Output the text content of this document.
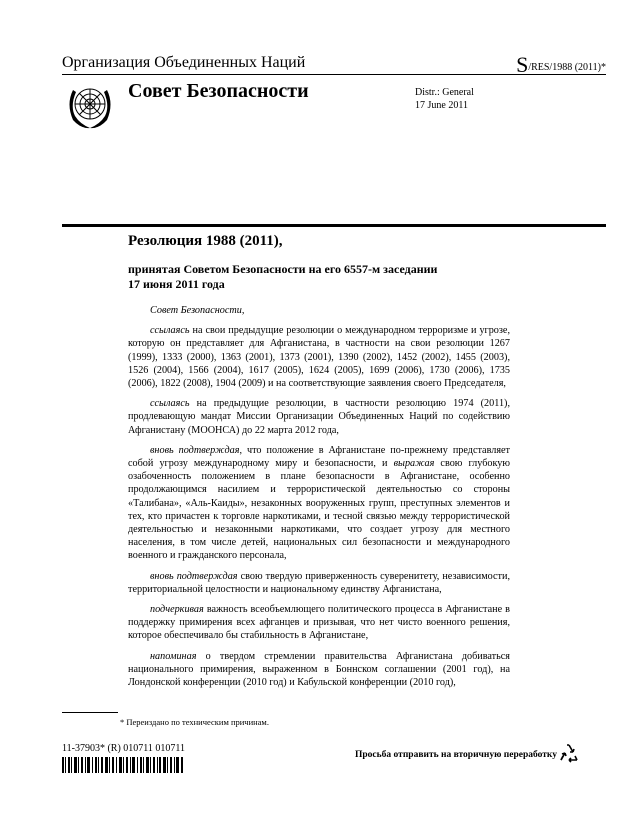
Организация Объединенных Наций	S/RES/1988 (2011)*
Совет Безопасности	Distr.: General
17 June 2011
Резолюция 1988 (2011),
принятая Советом Безопасности на его 6557-м заседании
17 июня 2011 года

Совет Безопасности,

ссылаясь на свои предыдущие резолюции о международном терроризме и угрозе, которую он представляет для Афганистана, в частности на свои резолюции 1267 (1999), 1333 (2000), 1363 (2001), 1373 (2001), 1390 (2002), 1452 (2002), 1455 (2003), 1526 (2004), 1566 (2004), 1617 (2005), 1624 (2005), 1699 (2006), 1730 (2006), 1735 (2006), 1822 (2008), 1904 (2009) и на соответствующие заявления своего Председателя,

ссылаясь на предыдущие резолюции, в частности резолюцию 1974 (2011), продлевающую мандат Миссии Организации Объединенных Наций по содействию Афганистану (МООНСА) до 22 марта 2012 года,

вновь подтверждая, что положение в Афганистане по-прежнему представляет собой угрозу международному миру и безопасности, и выражая свою глубокую озабоченность положением в плане безопасности в Афганистане, особенно продолжающимся насилием и террористической деятельностью со стороны «Талибана», «Аль-Каиды», незаконных вооруженных групп, преступных элементов и тех, кто причастен к торговле наркотиками, и тесной связью между террористической деятельностью и незаконными наркотиками, что создает угрозу для местного населения, в том числе детей, национальных сил безопасности и международного военного и гражданского персонала,

вновь подтверждая свою твердую приверженность суверенитету, независимости, территориальной целостности и национальному единству Афганистана,

подчеркивая важность всеобъемлющего политического процесса в Афганистане в поддержку примирения всех афганцев и призывая, что нет чисто военного решения, которое обеспечивало бы стабильность в Афганистане,

напоминая о твердом стремлении правительства Афганистана добиваться национального примирения, выраженном в Боннском соглашении (2001 год), на Лондонской конференции (2010 год) и Кабульской конференции (2010 год),

* Переиздано по техническим причинам.
11-37903* (R) 010711 010711
Просьба отправить на вторичную переработку
